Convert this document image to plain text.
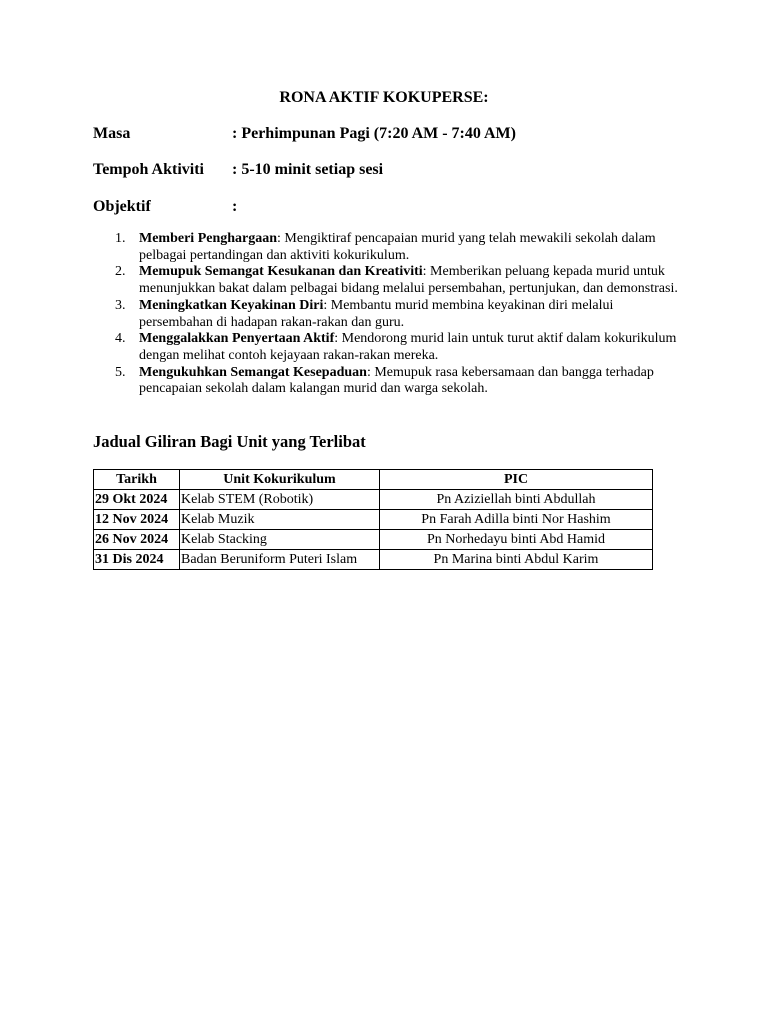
RONA AKTIF KOKUPERSE:
Masa	: Perhimpunan Pagi (7:20 AM - 7:40 AM)
Tempoh Aktiviti : 5-10 minit setiap sesi
Objektif	:
1. Memberi Penghargaan: Mengiktiraf pencapaian murid yang telah mewakili sekolah dalam pelbagai pertandingan dan aktiviti kokurikulum.
2. Memupuk Semangat Kesukanan dan Kreativiti: Memberikan peluang kepada murid untuk menunjukkan bakat dalam pelbagai bidang melalui persembahan, pertunjukan, dan demonstrasi.
3. Meningkatkan Keyakinan Diri: Membantu murid membina keyakinan diri melalui persembahan di hadapan rakan-rakan dan guru.
4. Menggalakkan Penyertaan Aktif: Mendorong murid lain untuk turut aktif dalam kokurikulum dengan melihat contoh kejayaan rakan-rakan mereka.
5. Mengukuhkan Semangat Kesepaduan: Memupuk rasa kebersamaan dan bangga terhadap pencapaian sekolah dalam kalangan murid dan warga sekolah.
Jadual Giliran Bagi Unit yang Terlibat
Tarikh	Unit Kokurikulum	PIC
29 Okt 2024	Kelab STEM (Robotik)	Pn Aziziellah binti Abdullah
12 Nov 2024	Kelab Muzik	Pn Farah Adilla binti Nor Hashim
26 Nov 2024	Kelab Stacking	Pn Norhedayu binti Abd Hamid
31 Dis 2024	Badan Beruniform Puteri Islam	Pn Marina binti Abdul Karim
